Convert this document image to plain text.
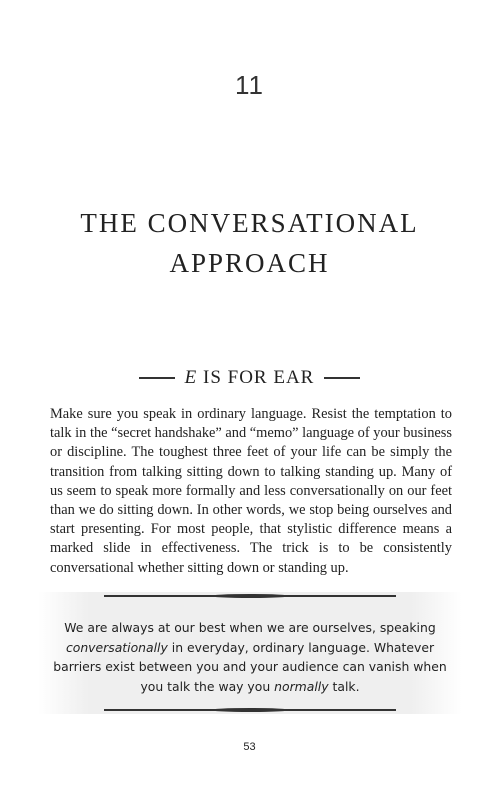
11
THE CONVERSATIONAL
APPROACH
E IS FOR EAR

Make sure you speak in ordinary language. Resist the temptation to talk in the “secret handshake” and “memo” language of your business or discipline. The toughest three feet of your life can be simply the transition from talking sitting down to talking standing up. Many of us seem to speak more formally and less conversationally on our feet than we do sitting down. In other words, we stop being ourselves and start presenting. For most people, that stylistic difference means a marked slide in effectiveness. The trick is to be consistently conversational whether sitting down or standing up.

We are always at our best when we are ourselves, speaking conversationally in everyday, ordinary language. Whatever barriers exist between you and your audience can vanish when you talk the way you normally talk.
53
